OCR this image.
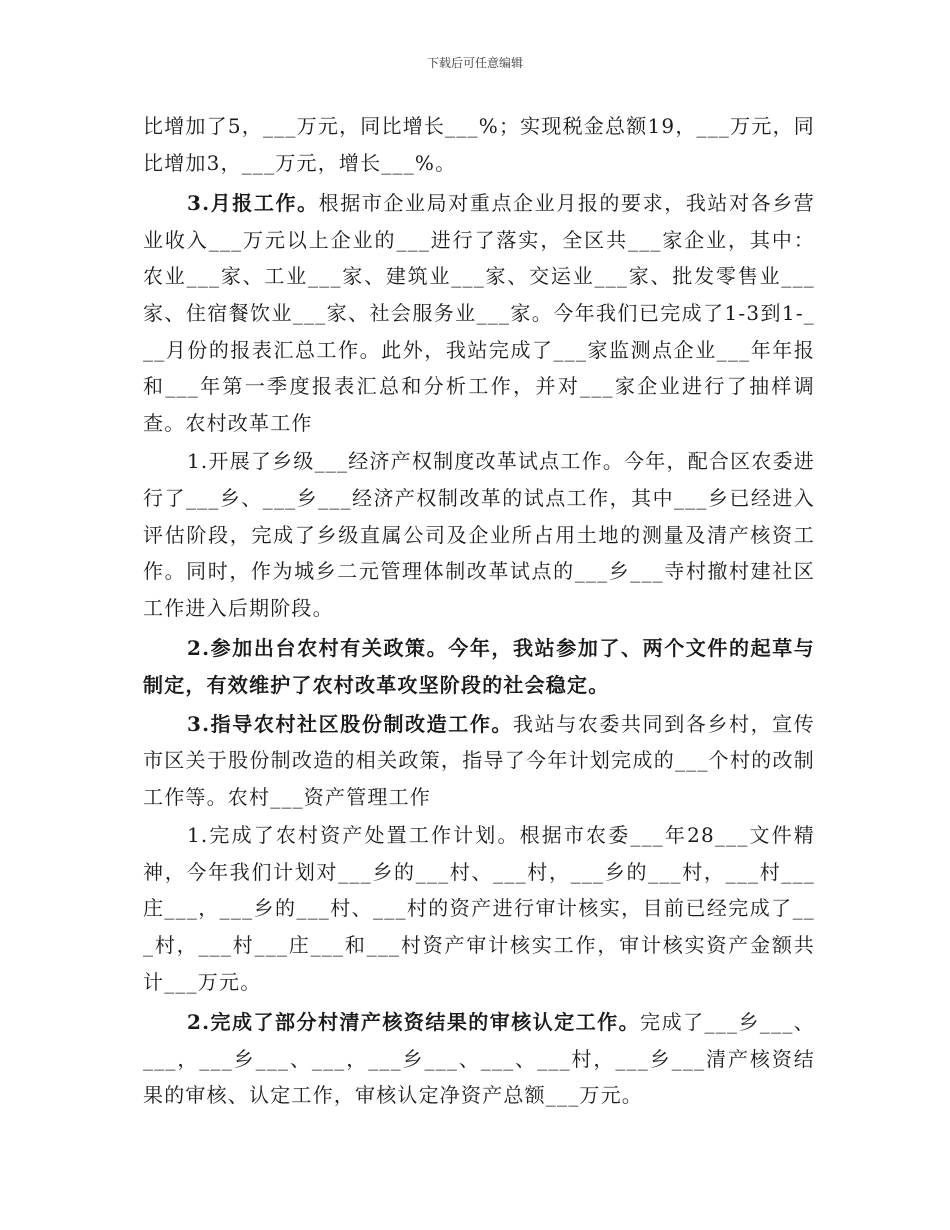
下载后可任意编辑

比增加了5，___万元，同比增长___%；实现税金总额19，___万元，同比增加3，___万元，增长___%。

3.月报工作。根据市企业局对重点企业月报的要求，我站对各乡营业收入___万元以上企业的___进行了落实，全区共___家企业，其中：农业___家、工业___家、建筑业___家、交运业___家、批发零售业___家、住宿餐饮业___家、社会服务业___家。今年我们已完成了1-3到1-___月份的报表汇总工作。此外，我站完成了___家监测点企业___年年报和___年第一季度报表汇总和分析工作，并对___家企业进行了抽样调查。农村改革工作

1.开展了乡级___经济产权制度改革试点工作。今年，配合区农委进行了___乡、___乡___经济产权制改革的试点工作，其中___乡已经进入评估阶段，完成了乡级直属公司及企业所占用土地的测量及清产核资工作。同时，作为城乡二元管理体制改革试点的___乡___寺村撤村建社区工作进入后期阶段。

2.参加出台农村有关政策。今年，我站参加了、两个文件的起草与制定，有效维护了农村改革攻坚阶段的社会稳定。

3.指导农村社区股份制改造工作。我站与农委共同到各乡村，宣传市区关于股份制改造的相关政策，指导了今年计划完成的___个村的改制工作等。农村___资产管理工作

1.完成了农村资产处置工作计划。根据市农委___年28___文件精神，今年我们计划对___乡的___村、___村，___乡的___村，___村___庄___，___乡的___村、___村的资产进行审计核实，目前已经完成了___村，___村___庄___和___村资产审计核实工作，审计核实资产金额共计___万元。

2.完成了部分村清产核资结果的审核认定工作。完成了___乡___、___，___乡___、___，___乡___、___、___村，___乡___清产核资结果的审核、认定工作，审核认定净资产总额___万元。
